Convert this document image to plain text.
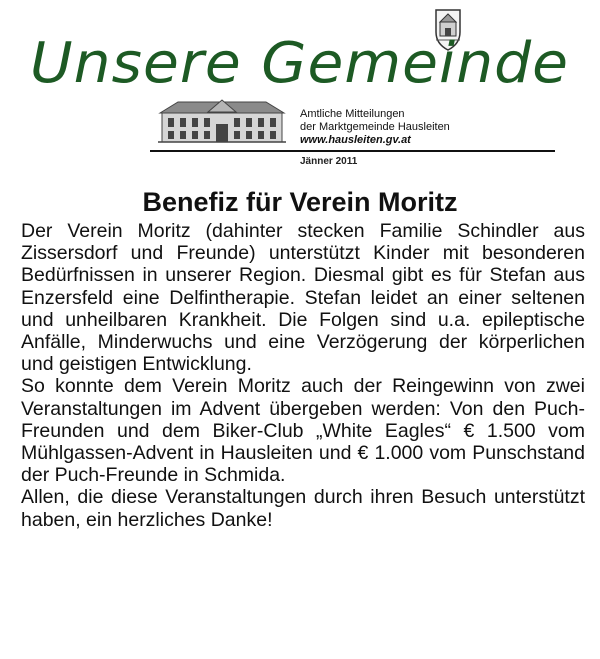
Unsere Gemeinde
Amtliche Mitteilungen
der Marktgemeinde Hausleiten
www.hausleiten.gv.at
Jänner 2011
Benefiz für Verein Moritz

Der Verein Moritz (dahinter stecken Familie Schindler aus Zissersdorf und Freunde) unterstützt Kinder mit besonderen Bedürfnissen in unserer Region. Diesmal gibt es für Stefan aus Enzersfeld eine Delfintherapie. Stefan leidet an einer seltenen und unheilbaren Krankheit. Die Folgen sind u.a. epileptische Anfälle, Minderwuchs und eine Verzögerung der körperlichen und geistigen Entwicklung.

So konnte dem Verein Moritz auch der Reingewinn von zwei Veranstaltungen im Advent übergeben werden: Von den Puch-Freunden und dem Biker-Club „White Eagles“ € 1.500 vom Mühlgassen-Advent in Hausleiten und € 1.000 vom Punschstand der Puch-Freunde in Schmida.

Allen, die diese Veranstaltungen durch ihren Besuch unterstützt haben, ein herzliches Danke!
